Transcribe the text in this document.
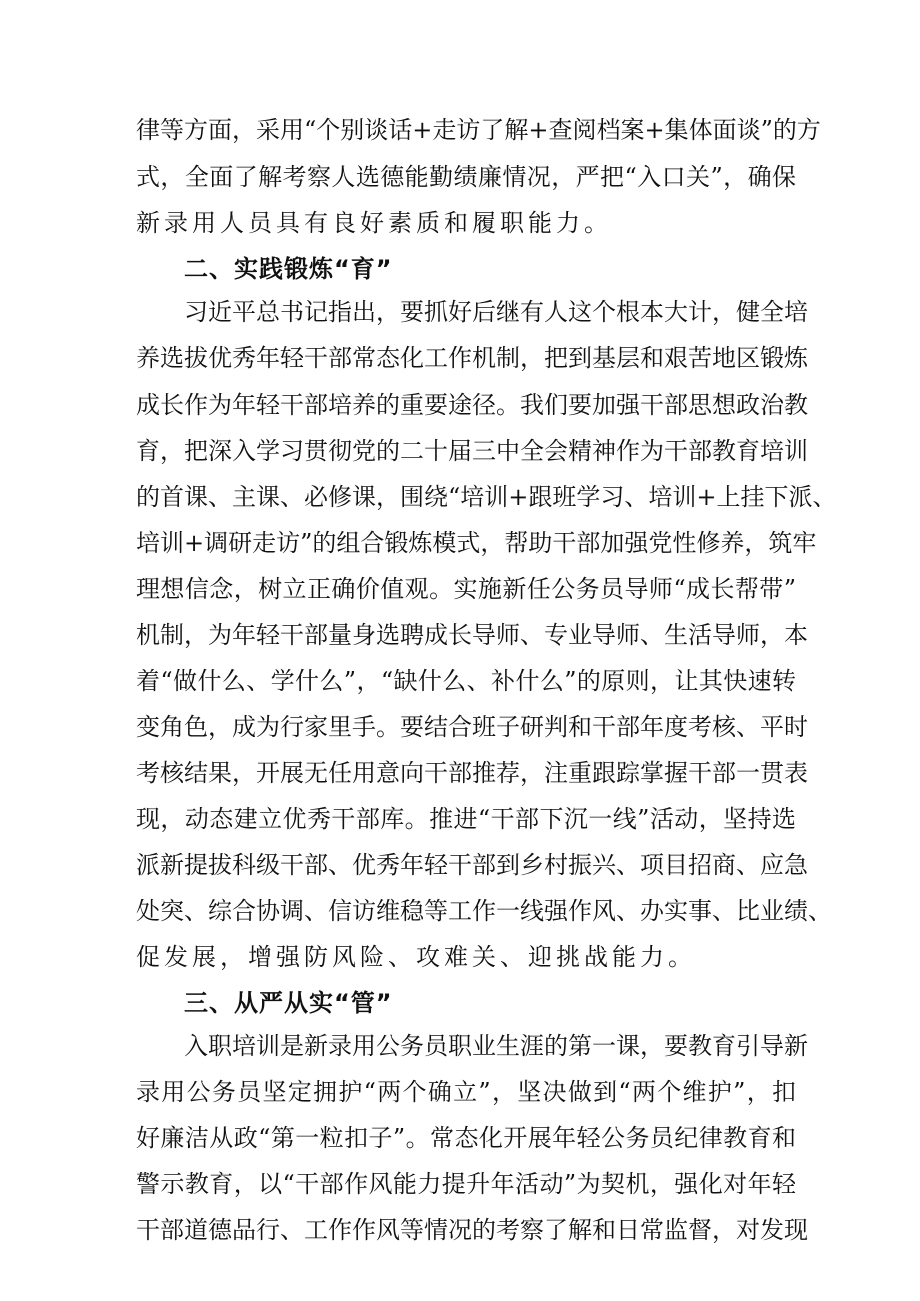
律等方面，采用“个别谈话+走访了解+查阅档案+集体面谈”的方
式，全面了解考察人选德能勤绩廉情况，严把“入口关”，确保
新录用人员具有良好素质和履职能力。
二、实践锻炼“育”
习近平总书记指出，要抓好后继有人这个根本大计，健全培
养选拔优秀年轻干部常态化工作机制，把到基层和艰苦地区锻炼
成长作为年轻干部培养的重要途径。我们要加强干部思想政治教
育，把深入学习贯彻党的二十届三中全会精神作为干部教育培训
的首课、主课、必修课，围绕“培训+跟班学习、培训+上挂下派、
培训+调研走访”的组合锻炼模式，帮助干部加强党性修养，筑牢
理想信念，树立正确价值观。实施新任公务员导师“成长帮带”
机制，为年轻干部量身选聘成长导师、专业导师、生活导师，本
着“做什么、学什么”，“缺什么、补什么”的原则，让其快速转
变角色，成为行家里手。要结合班子研判和干部年度考核、平时
考核结果，开展无任用意向干部推荐，注重跟踪掌握干部一贯表
现，动态建立优秀干部库。推进“干部下沉一线”活动，坚持选
派新提拔科级干部、优秀年轻干部到乡村振兴、项目招商、应急
处突、综合协调、信访维稳等工作一线强作风、办实事、比业绩、
促发展，增强防风险、攻难关、迎挑战能力。
三、从严从实“管”
入职培训是新录用公务员职业生涯的第一课，要教育引导新
录用公务员坚定拥护“两个确立”，坚决做到“两个维护”，扣
好廉洁从政“第一粒扣子”。常态化开展年轻公务员纪律教育和
警示教育，以“干部作风能力提升年活动”为契机，强化对年轻
干部道德品行、工作作风等情况的考察了解和日常监督，对发现
